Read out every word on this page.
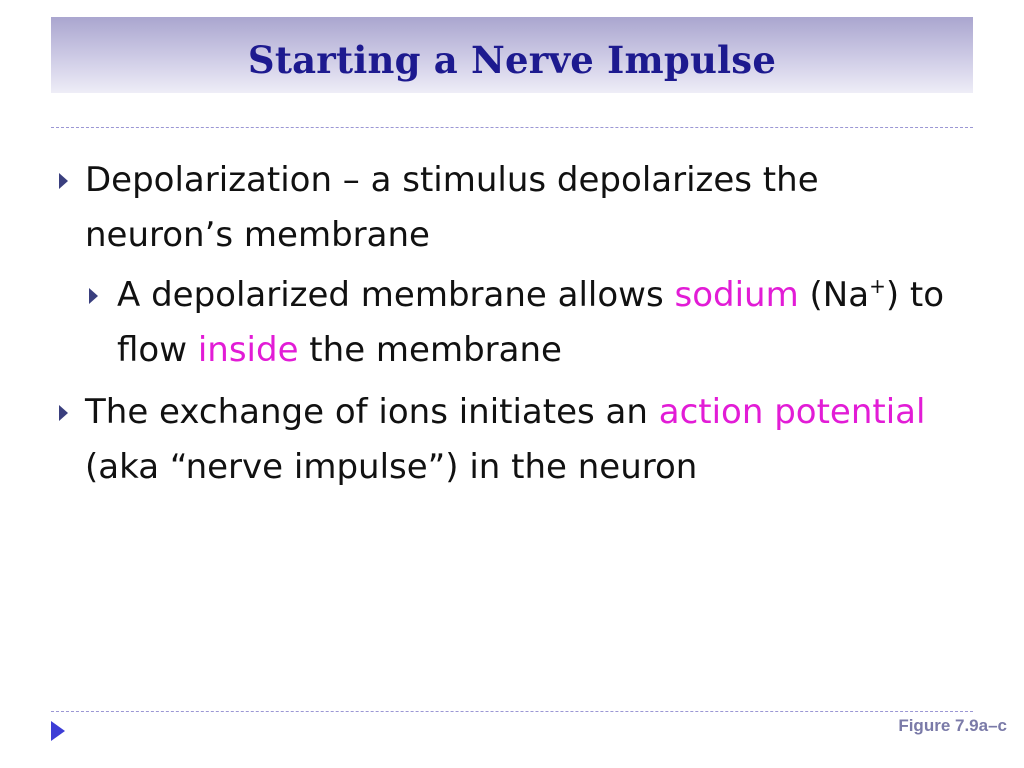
Starting a Nerve Impulse
Depolarization – a stimulus depolarizes the neuron’s membrane
A depolarized membrane allows sodium (Na+) to flow inside the membrane
The exchange of ions initiates an action potential (aka “nerve impulse”) in the neuron
Figure 7.9a–c
